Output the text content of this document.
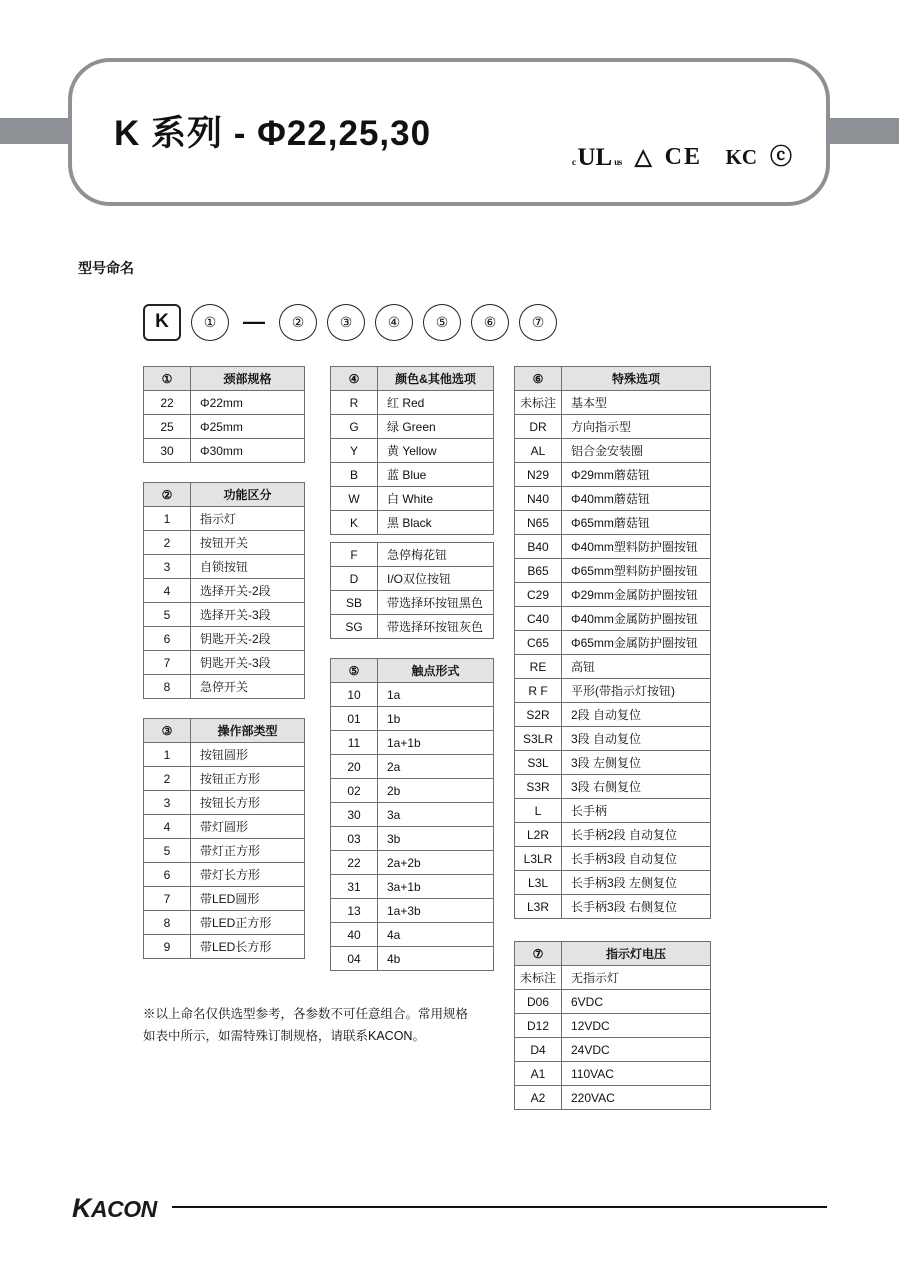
K 系列 - Φ22,25,30
c UL us △ CE  KC ⓒ
型号命名
K	①	—	②	③	④	⑤	⑥	⑦
①	颈部规格
22	Φ22mm
25	Φ25mm
30	Φ30mm
②	功能区分
1	指示灯
2	按钮开关
3	自锁按钮
4	选择开关-2段
5	选择开关-3段
6	钥匙开关-2段
7	钥匙开关-3段
8	急停开关
③	操作部类型
1	按钮圆形
2	按钮正方形
3	按钮长方形
4	带灯圆形
5	带灯正方形
6	带灯长方形
7	带LED圆形
8	带LED正方形
9	带LED长方形
④	颜色&其他选项
R	红 Red
G	绿 Green
Y	黄 Yellow
B	蓝 Blue
W	白 White
K	黑 Black
F	急停梅花钮
D	I/O双位按钮
SB	带选择环按钮黑色
SG	带选择环按钮灰色
⑤	触点形式
10	1a
01	1b
11	1a+1b
20	2a
02	2b
30	3a
03	3b
22	2a+2b
31	3a+1b
13	1a+3b
40	4a
04	4b
⑥	特殊选项
未标注	基本型
DR	方向指示型
AL	铝合金安装圈
N29	Φ29mm蘑菇钮
N40	Φ40mm蘑菇钮
N65	Φ65mm蘑菇钮
B40	Φ40mm塑料防护圈按钮
B65	Φ65mm塑料防护圈按钮
C29	Φ29mm金属防护圈按钮
C40	Φ40mm金属防护圈按钮
C65	Φ65mm金属防护圈按钮
RE	高钮
R F	平形(带指示灯按钮)
S2R	2段 自动复位
S3LR	3段 自动复位
S3L	3段 左侧复位
S3R	3段 右侧复位
L	长手柄
L2R	长手柄2段 自动复位
L3LR	长手柄3段 自动复位
L3L	长手柄3段 左侧复位
L3R	长手柄3段 右侧复位
⑦	指示灯电压
未标注	无指示灯
D06	6VDC
D12	12VDC
D4	24VDC
A1	110VAC
A2	220VAC
※以上命名仅供选型参考，各参数不可任意组合。常用规格
如表中所示，如需特殊订制规格，请联系KACON。
KACON
